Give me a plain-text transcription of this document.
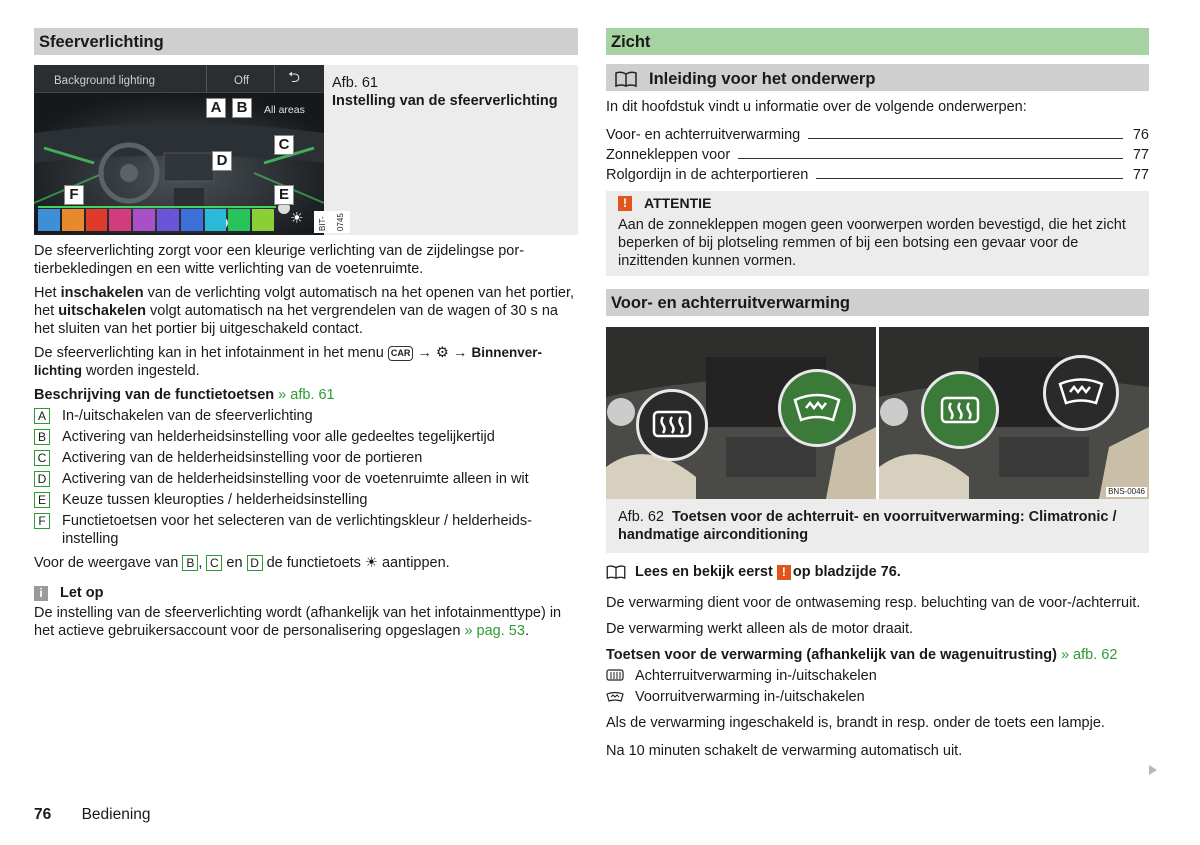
Sfeerverlichting
Background lighting	Off	⮌
A	B	All areas
C
D
E
F
☀	BIT-0745
Afb. 61
Instelling van de sfeerverlichting

De sfeerverlichting zorgt voor een kleurige verlichting van de zijdelingse portierbekledingen en een witte verlichting van de voetenruimte.

Het inschakelen van de verlichting volgt automatisch na het openen van het portier, het uitschakelen volgt automatisch na het vergrendelen van de wagen of 30 s na het sluiten van het portier bij uitgeschakeld contact.

De sfeerverlichting kan in het infotainment in het menu CAR → ⚙ → Binnenverlichting worden ingesteld.

Beschrijving van de functietoetsen » afb. 61

A In-/uitschakelen van de sfeerverlichting
B Activering van helderheidsinstelling voor alle gedeeltes tegelijkertijd
C Activering van de helderheidsinstelling voor de portieren
D Activering van de helderheidsinstelling voor de voetenruimte alleen in wit
E Keuze tussen kleuropties / helderheidsinstelling
F Functietoetsen voor het selecteren van de verlichtingskleur / helderheidsinstelling

Voor de weergave van B , C en D de functietoets ☀ aantippen.

i	Let op

De instelling van de sfeerverlichting wordt (afhankelijk van het infotainmenttype) in het actieve gebruikersaccount voor de personalisering opgeslagen » pag. 53.

Zicht
Inleiding voor het onderwerp

In dit hoofdstuk vindt u informatie over de volgende onderwerpen:

Voor- en achterruitverwarming	76
Zonnekleppen voor	77
Rolgordijn in de achterportieren	77
!	ATTENTIE
Aan de zonnekleppen mogen geen voorwerpen worden bevestigd, die het zicht beperken of bij plotseling remmen of bij een botsing een gevaar voor de inzittenden kunnen vormen.
Voor- en achterruitverwarming
BNS-0046
Afb. 62 Toetsen voor de achterruit- en voorruitverwarming: Climatronic / handmatige airconditioning

Lees en bekijk eerst
! op bladzijde 76.

De verwarming dient voor de ontwaseming resp. beluchting van de voor-/achterruit.

De verwarming werkt alleen als de motor draait.

Toetsen voor de verwarming (afhankelijk van de wagenuitrusting) » afb. 62

Achterruitverwarming in-/uitschakelen
Voorruitverwarming in-/uitschakelen

Als de verwarming ingeschakeld is, brandt in resp. onder de toets een lampje.

Na 10 minuten schakelt de verwarming automatisch uit.

76 Bediening
